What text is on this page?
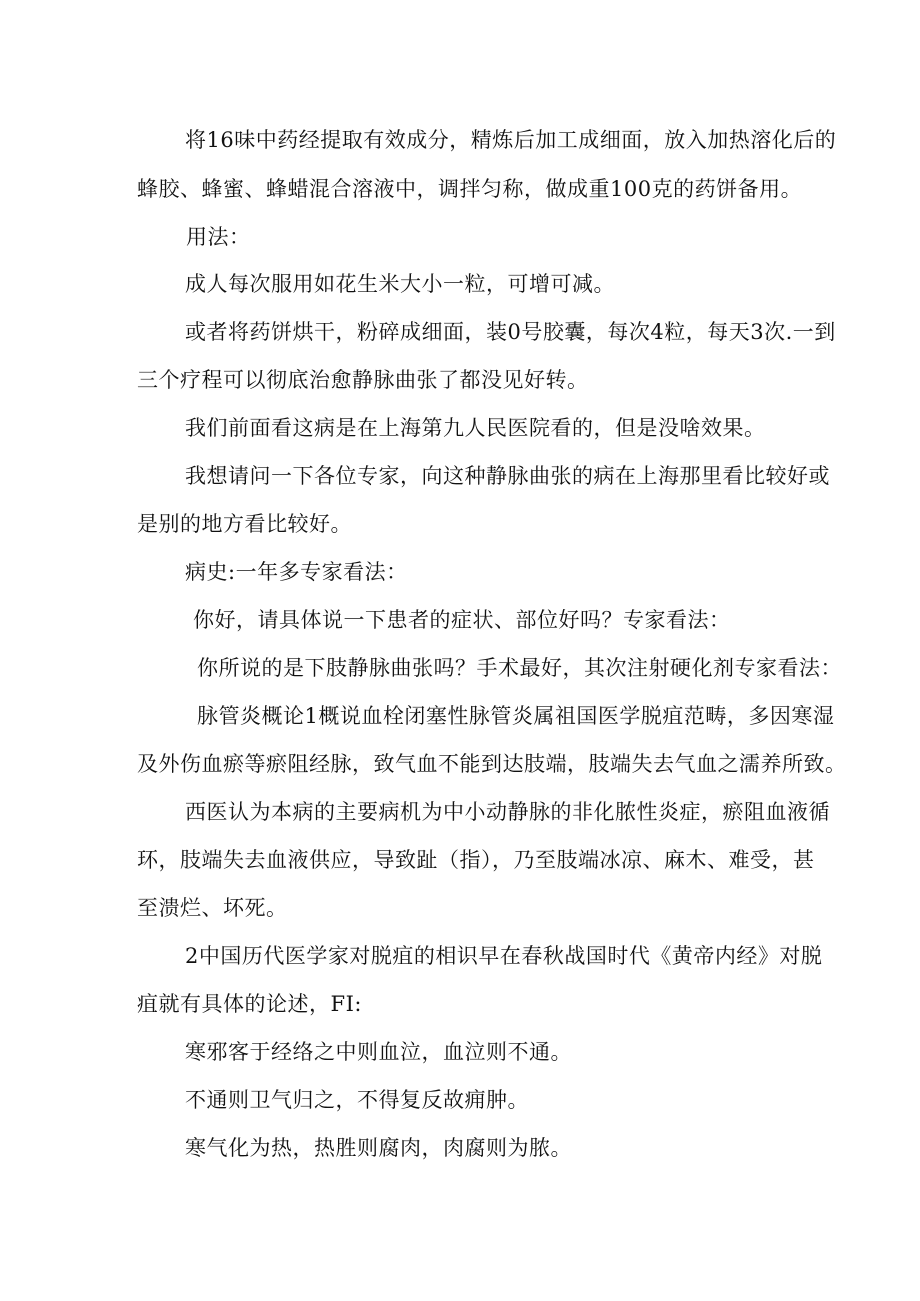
将16味中药经提取有效成分，精炼后加工成细面，放入加热溶化后的
蜂胶、蜂蜜、蜂蜡混合溶液中，调拌匀称，做成重100克的药饼备用。
用法：
成人每次服用如花生米大小一粒，可增可减。
或者将药饼烘干，粉碎成细面，装0号胶囊，每次4粒，每天3次.一到
三个疗程可以彻底治愈静脉曲张了都没见好转。
我们前面看这病是在上海第九人民医院看的，但是没啥效果。
我想请问一下各位专家，向这种静脉曲张的病在上海那里看比较好或
是别的地方看比较好。
病史:一年多专家看法：
你好，请具体说一下患者的症状、部位好吗？专家看法：
你所说的是下肢静脉曲张吗？手术最好，其次注射硬化剂专家看法：
脉管炎概论1概说血栓闭塞性脉管炎属祖国医学脱疽范畴，多因寒湿
及外伤血瘀等瘀阻经脉，致气血不能到达肢端，肢端失去气血之濡养所致。
西医认为本病的主要病机为中小动静脉的非化脓性炎症，瘀阻血液循
环，肢端失去血液供应，导致趾（指），乃至肢端冰凉、麻木、难受，甚
至溃烂、坏死。
2中国历代医学家对脱疽的相识早在春秋战国时代《黄帝内经》对脱
疽就有具体的论述，FI:
寒邪客于经络之中则血泣，血泣则不通。
不通则卫气归之，不得复反故痈肿。
寒气化为热，热胜则腐肉，肉腐则为脓。
